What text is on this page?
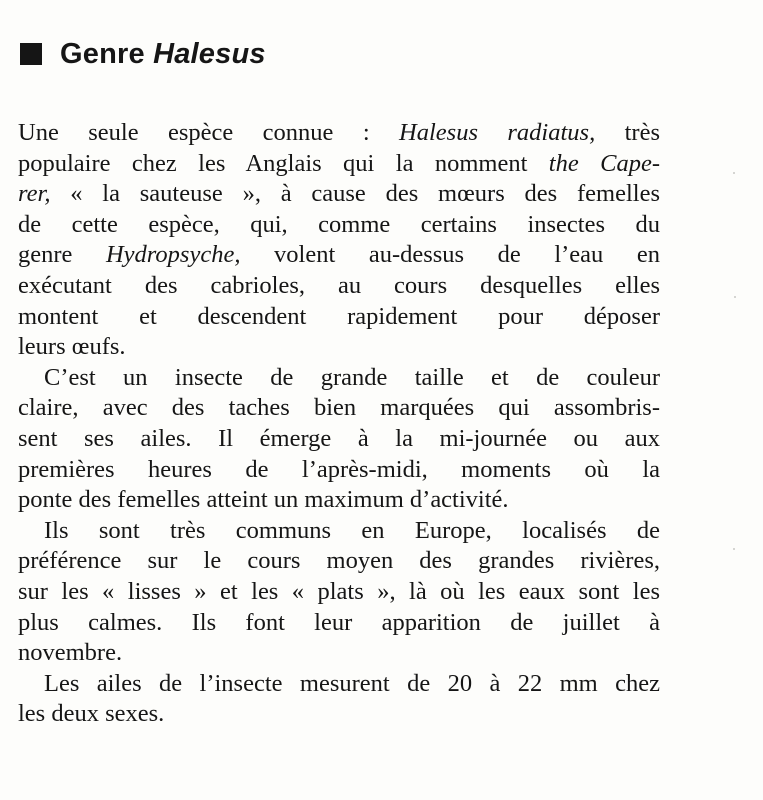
Genre Halesus

Une seule espèce connue : Halesus radiatus, très
populaire chez les Anglais qui la nomment the Cape-
rer, « la sauteuse », à cause des mœurs des femelles
de cette espèce, qui, comme certains insectes du
genre Hydropsyche, volent au-dessus de l’eau en
exécutant des cabrioles, au cours desquelles elles
montent et descendent rapidement pour déposer
leurs œufs.

C’est un insecte de grande taille et de couleur
claire, avec des taches bien marquées qui assombris-
sent ses ailes. Il émerge à la mi-journée ou aux
premières heures de l’après-midi, moments où la
ponte des femelles atteint un maximum d’activité.

Ils sont très communs en Europe, localisés de
préférence sur le cours moyen des grandes rivières,
sur les « lisses » et les « plats », là où les eaux sont les
plus calmes. Ils font leur apparition de juillet à
novembre.

Les ailes de l’insecte mesurent de 20 à 22 mm chez
les deux sexes.
